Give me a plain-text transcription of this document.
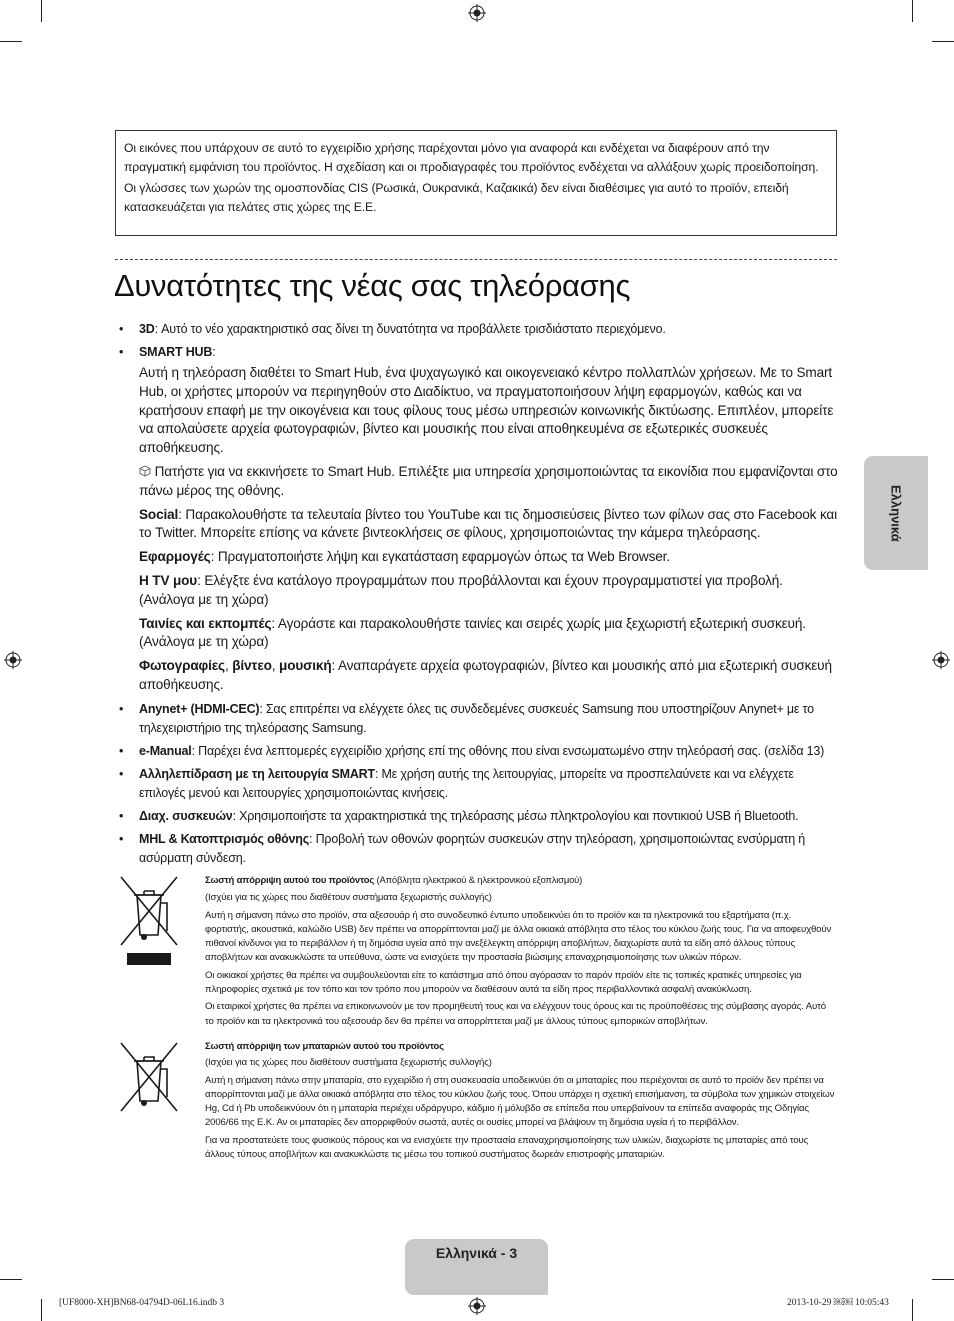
Οι εικόνες που υπάρχουν σε αυτό το εγχειρίδιο χρήσης παρέχονται μόνο για αναφορά και ενδέχεται να διαφέρουν από την πραγματική εμφάνιση του προϊόντος. Η σχεδίαση και οι προδιαγραφές του προϊόντος ενδέχεται να αλλάξουν χωρίς προειδοποίηση.

Οι γλώσσες των χωρών της ομοσπονδίας CIS (Ρωσικά, Ουκρανικά, Καζακικά) δεν είναι διαθέσιμες για αυτό το προϊόν, επειδή κατασκευάζεται για πελάτες στις χώρες της Ε.Ε.

Δυνατότητες της νέας σας τηλεόρασης
• 3D: Αυτό το νέο χαρακτηριστικό σας δίνει τη δυνατότητα να προβάλλετε τρισδιάστατο περιεχόμενο.
• SMART HUB:

Αυτή η τηλεόραση διαθέτει το Smart Hub, ένα ψυχαγωγικό και οικογενειακό κέντρο πολλαπλών χρήσεων. Με το Smart Hub, οι χρήστες μπορούν να περιηγηθούν στο Διαδίκτυο, να πραγματοποιήσουν λήψη εφαρμογών, καθώς και να κρατήσουν επαφή με την οικογένεια και τους φίλους τους μέσω υπηρεσιών κοινωνικής δικτύωσης. Επιπλέον, μπορείτε να απολαύσετε αρχεία φωτογραφιών, βίντεο και μουσικής που είναι αποθηκευμένα σε εξωτερικές συσκευές αποθήκευσης.

Πατήστε για να εκκινήσετε το Smart Hub. Επιλέξτε μια υπηρεσία χρησιμοποιώντας τα εικονίδια που εμφανίζονται στο πάνω μέρος της οθόνης.

Social: Παρακολουθήστε τα τελευταία βίντεο του YouTube και τις δημοσιεύσεις βίντεο των φίλων σας στο Facebook και το Twitter. Μπορείτε επίσης να κάνετε βιντεοκλήσεις σε φίλους, χρησιμοποιώντας την κάμερα τηλεόρασης.

Εφαρμογές: Πραγματοποιήστε λήψη και εγκατάσταση εφαρμογών όπως τα Web Browser.

Η TV μου: Ελέγξτε ένα κατάλογο προγραμμάτων που προβάλλονται και έχουν προγραμματιστεί για προβολή. (Ανάλογα με τη χώρα)

Ταινίες και εκπομπές: Αγοράστε και παρακολουθήστε ταινίες και σειρές χωρίς μια ξεχωριστή εξωτερική συσκευή. (Ανάλογα με τη χώρα)

Φωτογραφίες, βίντεο, μουσική: Αναπαράγετε αρχεία φωτογραφιών, βίντεο και μουσικής από μια εξωτερική συσκευή αποθήκευσης.

• Anynet+ (HDMI-CEC): Σας επιτρέπει να ελέγχετε όλες τις συνδεδεμένες συσκευές Samsung που υποστηρίζουν Anynet+ με το τηλεχειριστήριο της τηλεόρασης Samsung.
• e-Manual: Παρέχει ένα λεπτομερές εγχειρίδιο χρήσης επί της οθόνης που είναι ενσωματωμένο στην τηλεόρασή σας. (σελίδα 13)
• Αλληλεπίδραση με τη λειτουργία SMART: Με χρήση αυτής της λειτουργίας, μπορείτε να προσπελαύνετε και να ελέγχετε επιλογές μενού και λειτουργίες χρησιμοποιώντας κινήσεις.
• Διαχ. συσκευών: Χρησιμοποιήστε τα χαρακτηριστικά της τηλεόρασης μέσω πληκτρολογίου και ποντικιού USB ή Bluetooth.
• MHL & Κατοπτρισμός οθόνης: Προβολή των οθονών φορητών συσκευών στην τηλεόραση, χρησιμοποιώντας ενσύρματη ή ασύρματη σύνδεση.

Σωστή απόρριψη αυτού του προϊόντος (Απόβλητα ηλεκτρικού & ηλεκτρονικού εξοπλισμού)

(Ισχύει για τις χώρες που διαθέτουν συστήματα ξεχωριστής συλλογής)

Αυτή η σήμανση πάνω στο προϊόν, στα αξεσουάρ ή στο συνοδευτικό έντυπο υποδεικνύει ότι το προϊόν και τα ηλεκτρονικά του εξαρτήματα (π.χ. φορτιστής, ακουστικά, καλώδιο USB) δεν πρέπει να απορρίπτονται μαζί με άλλα οικιακά απόβλητα στο τέλος του κύκλου ζωής τους. Για να αποφευχθούν πιθανοί κίνδυνοι για το περιβάλλον ή τη δημόσια υγεία από την ανεξέλεγκτη απόρριψη αποβλήτων, διαχωρίστε αυτά τα είδη από άλλους τύπους αποβλήτων και ανακυκλώστε τα υπεύθυνα, ώστε να ενισχύετε την προστασία βιώσιμης επαναχρησιμοποίησης των υλικών πόρων.

Οι οικιακοί χρήστες θα πρέπει να συμβουλεύονται είτε το κατάστημα από όπου αγόρασαν το παρόν προϊόν είτε τις τοπικές κρατικές υπηρεσίες για πληροφορίες σχετικά με τον τόπο και τον τρόπο που μπορούν να διαθέσουν αυτά τα είδη προς περιβαλλοντικά ασφαλή ανακύκλωση.

Οι εταιρικοί χρήστες θα πρέπει να επικοινωνούν με τον προμηθευτή τους και να ελέγχουν τους όρους και τις προϋποθέσεις της σύμβασης αγοράς. Αυτό το προϊόν και τα ηλεκτρονικά του αξεσουάρ δεν θα πρέπει να απορρίπτεται μαζί με άλλους τύπους εμπορικών αποβλήτων.

Σωστή απόρριψη των μπαταριών αυτού του προϊόντος

(Ισχύει για τις χώρες που διαθέτουν συστήματα ξεχωριστής συλλογής)

Αυτή η σήμανση πάνω στην μπαταρία, στο εγχειρίδιο ή στη συσκευασία υποδεικνύει ότι οι μπαταρίες που περιέχονται σε αυτό το προϊόν δεν πρέπει να απορρίπτονται μαζί με άλλα οικιακά απόβλητα στο τέλος του κύκλου ζωής τους. Όπου υπάρχει η σχετική επισήμανση, τα σύμβολα των χημικών στοιχείων Hg, Cd ή Pb υποδεικνύουν ότι η μπαταρία περιέχει υδράργυρο, κάδμιο ή μόλυβδο σε επίπεδα που υπερβαίνουν τα επίπεδα αναφοράς της Οδηγίας 2006/66 της Ε.Κ. Αν οι μπαταρίες δεν απορριφθούν σωστά, αυτές οι ουσίες μπορεί να βλάψουν τη δημόσια υγεία ή το περιβάλλον.

Για να προστατεύετε τους φυσικούς πόρους και να ενισχύετε την προστασία επαναχρησιμοποίησης των υλικών, διαχωρίστε τις μπαταρίες από τους άλλους τύπους αποβλήτων και ανακυκλώστε τις μέσω του τοπικού συστήματος δωρεάν επιστροφής μπαταριών.

Ελληνικά
Ελληνικά - 3
[UF8000-XH]BN68-04794D-06L16.indb 3	2013-10-29 ￼￼ 10:05:43
